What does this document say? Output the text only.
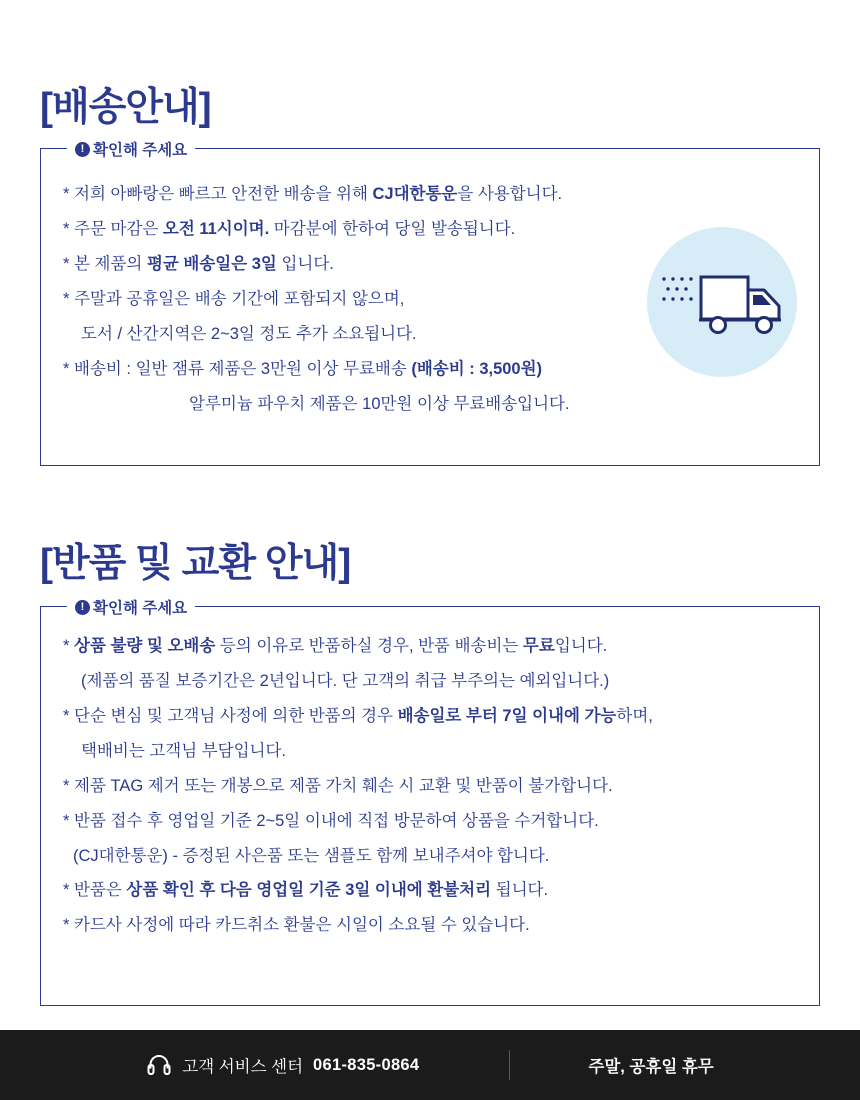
[배송안내]
! 확인해 주세요
* 저희 아빠랑은 빠르고 안전한 배송을 위해 CJ대한통운을 사용합니다.
* 주문 마감은 오전 11시이며. 마감분에 한하여 당일 발송됩니다.
* 본 제품의 평균 배송일은 3일 입니다.
* 주말과 공휴일은 배송 기간에 포함되지 않으며,
도서 / 산간지역은 2~3일 정도 추가 소요됩니다.
* 배송비 : 일반 잼류 제품은 3만원 이상 무료배송 (배송비 : 3,500원)
알루미늄 파우치 제품은 10만원 이상 무료배송입니다.
[반품 및 교환 안내]
! 확인해 주세요
* 상품 불량 및 오배송 등의 이유로 반품하실 경우, 반품 배송비는 무료입니다.
(제품의 품질 보증기간은 2년입니다. 단 고객의 취급 부주의는 예외입니다.)
* 단순 변심 및 고객님 사정에 의한 반품의 경우 배송일로 부터 7일 이내에 가능하며,
택배비는 고객님 부담입니다.
* 제품 TAG 제거 또는 개봉으로 제품 가치 훼손 시 교환 및 반품이 불가합니다.
* 반품 접수 후 영업일 기준 2~5일 이내에 직접 방문하여 상품을 수거합니다.
(CJ대한통운) - 증정된 사은품 또는 샘플도 함께 보내주셔야 합니다.
* 반품은 상품 확인 후 다음 영업일 기준 3일 이내에 환불처리 됩니다.
* 카드사 사정에 따라 카드취소 환불은 시일이 소요될 수 있습니다.
고객 서비스 센터 061-835-0864	주말, 공휴일 휴무
